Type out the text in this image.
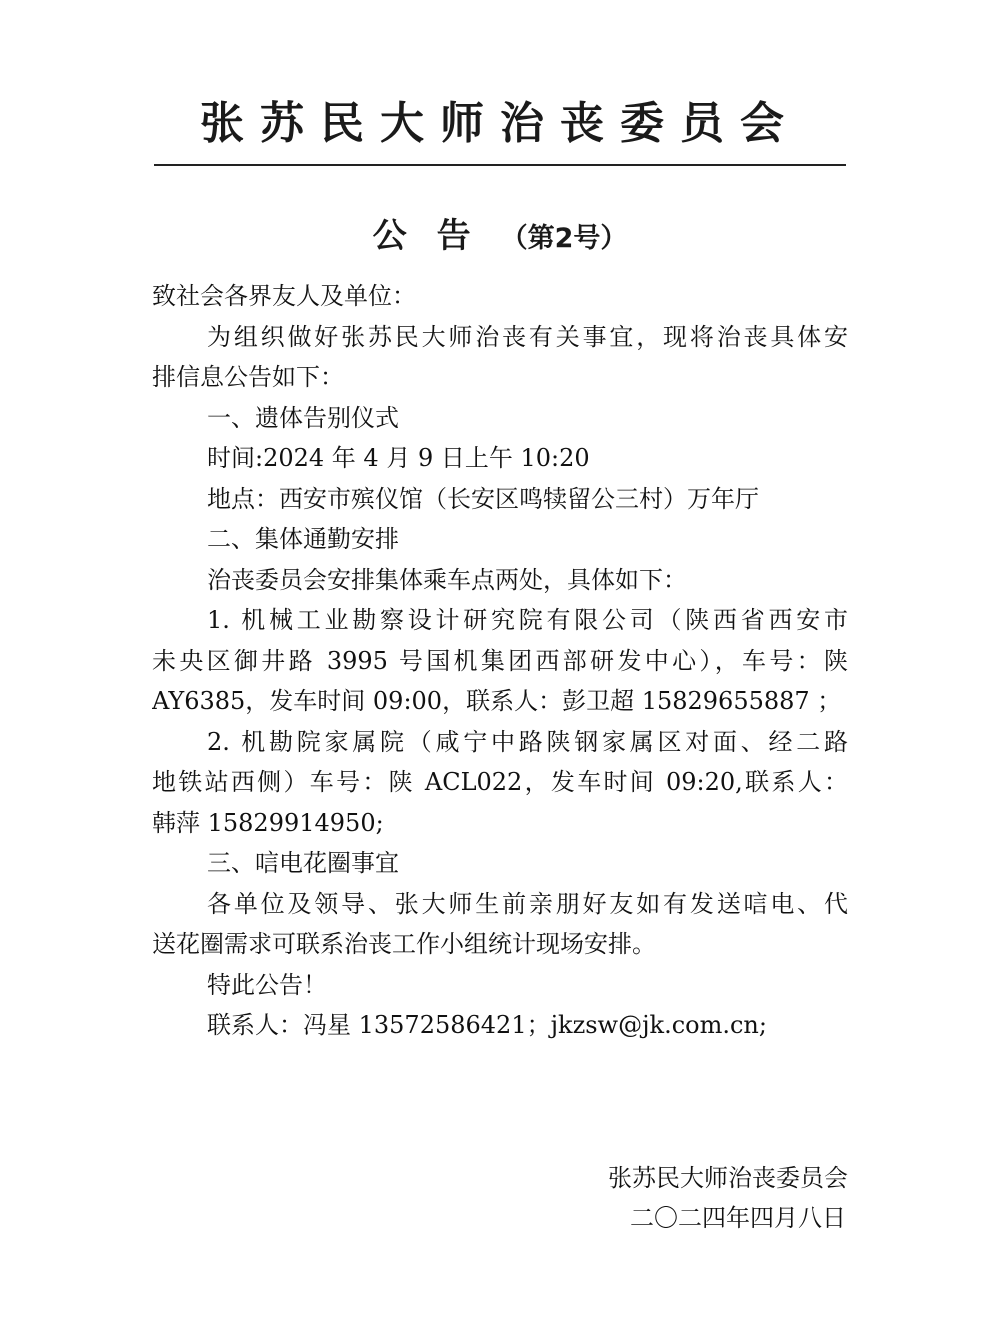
张苏民大师治丧委员会
公告（第2号）
致社会各界友人及单位：
为组织做好张苏民大师治丧有关事宜，现将治丧具体安
排信息公告如下：
一、遗体告别仪式
时间:2024 年 4 月 9 日上午 10:20
地点：西安市殡仪馆（长安区鸣犊留公三村）万年厅
二、集体通勤安排
治丧委员会安排集体乘车点两处，具体如下：
1. 机械工业勘察设计研究院有限公司（陕西省西安市
未央区御井路 3995 号国机集团西部研发中心），车号：陕
AY6385，发车时间 09:00，联系人：彭卫超 15829655887 ；
2. 机勘院家属院（咸宁中路陕钢家属区对面、经二路
地铁站西侧）车号：陕 ACL022，发车时间 09:20,联系人：
韩萍 15829914950;
三、唁电花圈事宜
各单位及领导、张大师生前亲朋好友如有发送唁电、代
送花圈需求可联系治丧工作小组统计现场安排。
特此公告！
联系人：冯星 13572586421；jkzsw@jk.com.cn;
张苏民大师治丧委员会
二〇二四年四月八日
